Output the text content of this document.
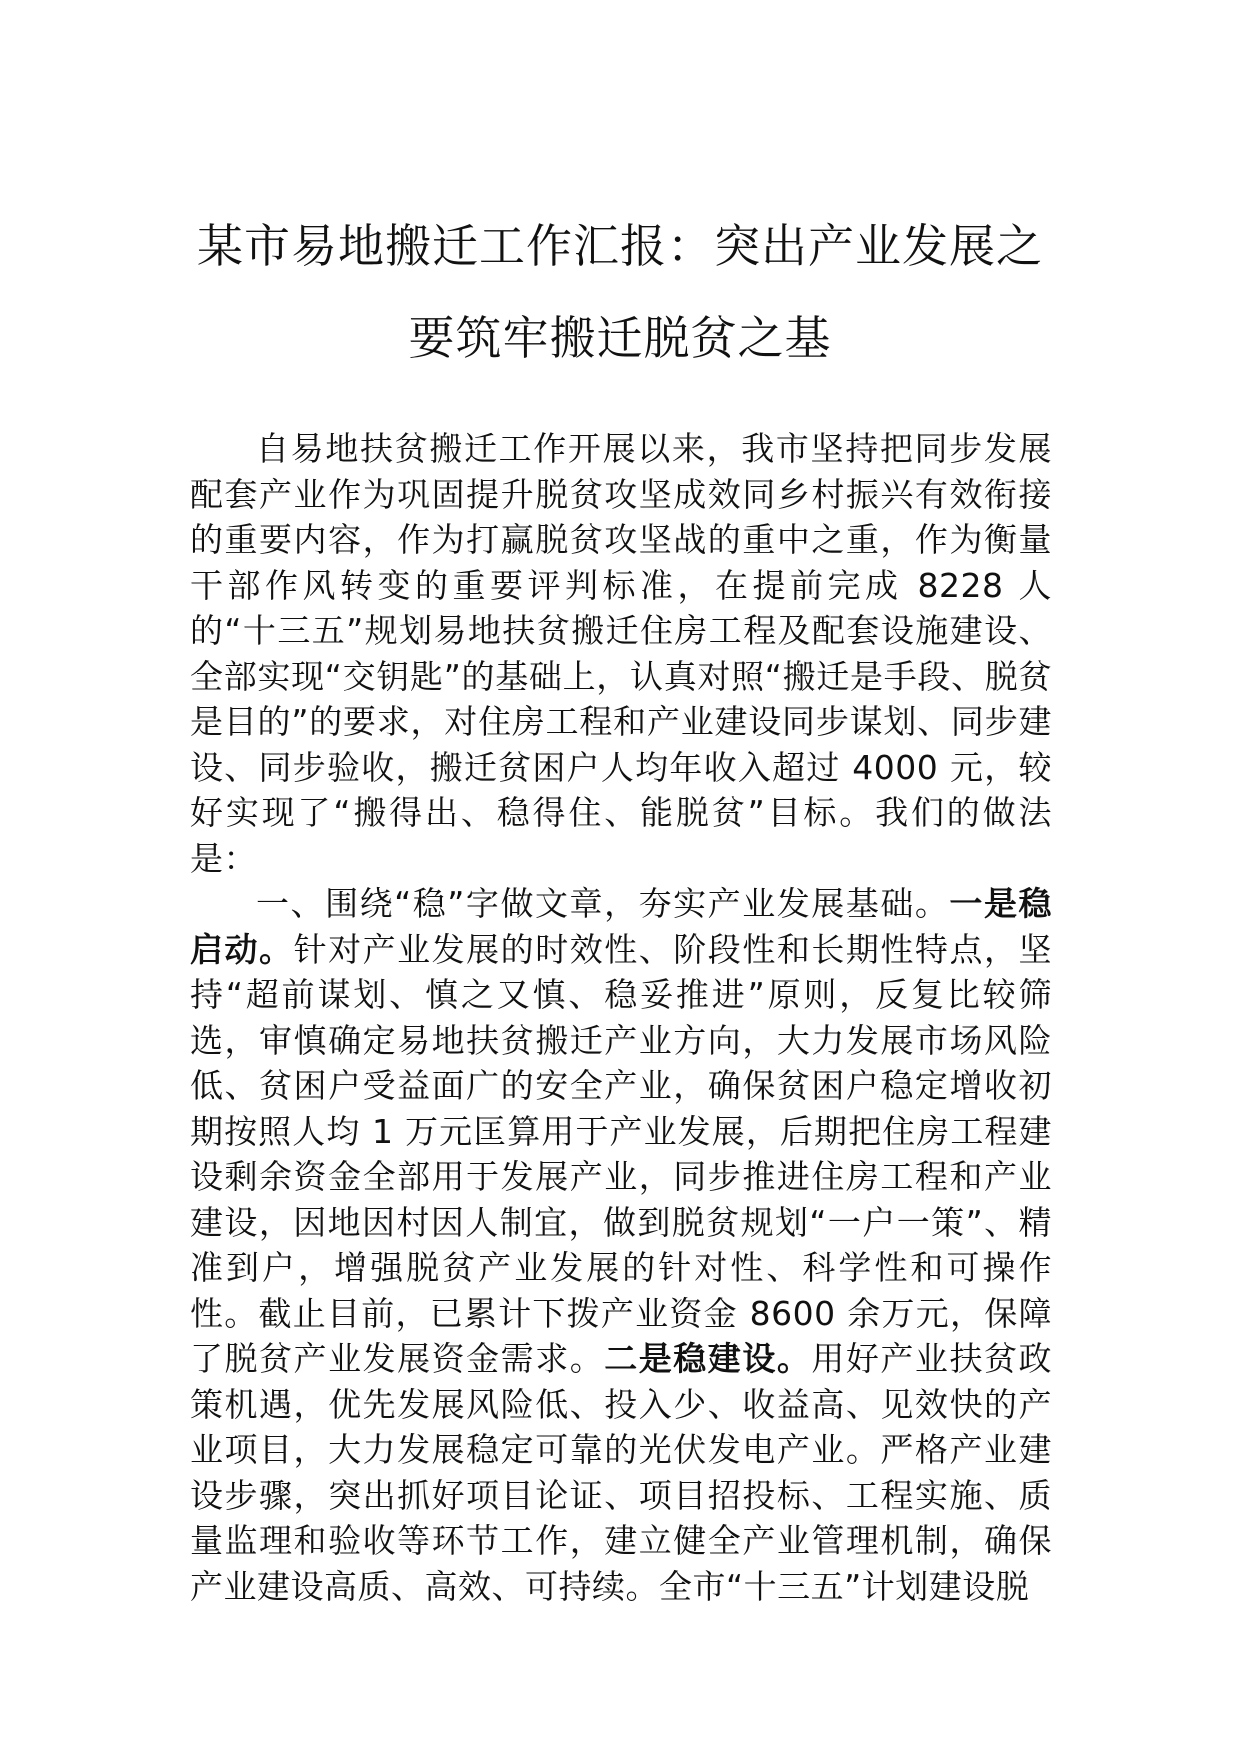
某市易地搬迁工作汇报：突出产业发展之
要筑牢搬迁脱贫之基

自易地扶贫搬迁工作开展以来，我市坚持把同步发展配套产业作为巩固提升脱贫攻坚成效同乡村振兴有效衔接的重要内容，作为打赢脱贫攻坚战的重中之重，作为衡量干部作风转变的重要评判标准，在提前完成 8228 人的“十三五”规划易地扶贫搬迁住房工程及配套设施建设、全部实现“交钥匙”的基础上，认真对照“搬迁是手段、脱贫是目的”的要求，对住房工程和产业建设同步谋划、同步建设、同步验收，搬迁贫困户人均年收入超过 4000 元，较好实现了“搬得出、稳得住、能脱贫”目标。我们的做法是：

一、围绕“稳”字做文章，夯实产业发展基础。一是稳启动。针对产业发展的时效性、阶段性和长期性特点，坚持“超前谋划、慎之又慎、稳妥推进”原则，反复比较筛选，审慎确定易地扶贫搬迁产业方向，大力发展市场风险低、贫困户受益面广的安全产业，确保贫困户稳定增收初期按照人均 1 万元匡算用于产业发展，后期把住房工程建设剩余资金全部用于发展产业，同步推进住房工程和产业建设，因地因村因人制宜，做到脱贫规划“一户一策”、精准到户，增强脱贫产业发展的针对性、科学性和可操作性。截止目前，已累计下拨产业资金 8600 余万元，保障了脱贫产业发展资金需求。二是稳建设。用好产业扶贫政策机遇，优先发展风险低、投入少、收益高、见效快的产业项目，大力发展稳定可靠的光伏发电产业。严格产业建设步骤，突出抓好项目论证、项目招投标、工程实施、质量监理和验收等环节工作，建立健全产业管理机制，确保产业建设高质、高效、可持续。全市“十三五”计划建设脱
